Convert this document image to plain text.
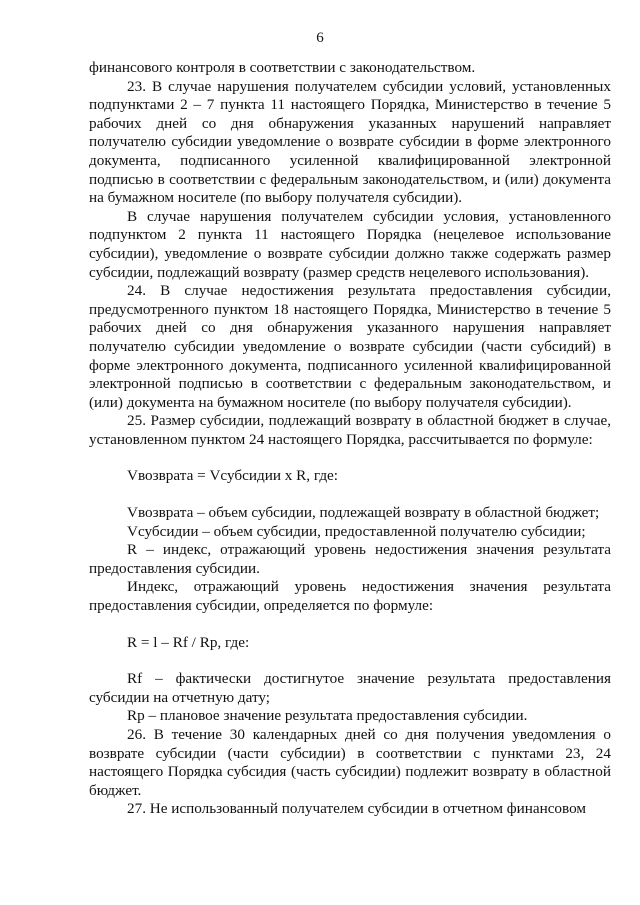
6

финансового контроля в соответствии с законодательством.

23. В случае нарушения получателем субсидии условий, установленных подпунктами 2 – 7 пункта 11 настоящего Порядка, Министерство в течение 5 рабочих дней со дня обнаружения указанных нарушений направляет получателю субсидии уведомление о возврате субсидии в форме электронного документа, подписанного усиленной квалифицированной электронной подписью в соответствии с федеральным законодательством, и (или) документа на бумажном носителе (по выбору получателя субсидии).

В случае нарушения получателем субсидии условия, установленного подпунктом 2 пункта 11 настоящего Порядка (нецелевое использование субсидии), уведомление о возврате субсидии должно также содержать размер субсидии, подлежащий возврату (размер средств нецелевого использования).

24. В случае недостижения результата предоставления субсидии, предусмотренного пунктом 18 настоящего Порядка, Министерство в течение 5 рабочих дней со дня обнаружения указанного нарушения направляет получателю субсидии уведомление о возврате субсидии (части субсидий) в форме электронного документа, подписанного усиленной квалифицированной электронной подписью в соответствии с федеральным законодательством, и (или) документа на бумажном носителе (по выбору получателя субсидии).

25. Размер субсидии, подлежащий возврату в областной бюджет в случае, установленном пунктом 24 настоящего Порядка, рассчитывается по формуле:

Vвозврата = Vсубсидии x R, где:

Vвозврата – объем субсидии, подлежащей возврату в областной бюджет;

Vсубсидии – объем субсидии, предоставленной получателю субсидии;

R – индекс, отражающий уровень недостижения значения результата предоставления субсидии.

Индекс, отражающий уровень недостижения значения результата предоставления субсидии, определяется по формуле:

R = l – Rf / Rp, где:

Rf – фактически достигнутое значение результата предоставления субсидии на отчетную дату;

Rp – плановое значение результата предоставления субсидии.

26. В течение 30 календарных дней со дня получения уведомления о возврате субсидии (части субсидии) в соответствии с пунктами 23, 24 настоящего Порядка субсидия (часть субсидии) подлежит возврату в областной бюджет.

27. Не использованный получателем субсидии в отчетном финансовом
